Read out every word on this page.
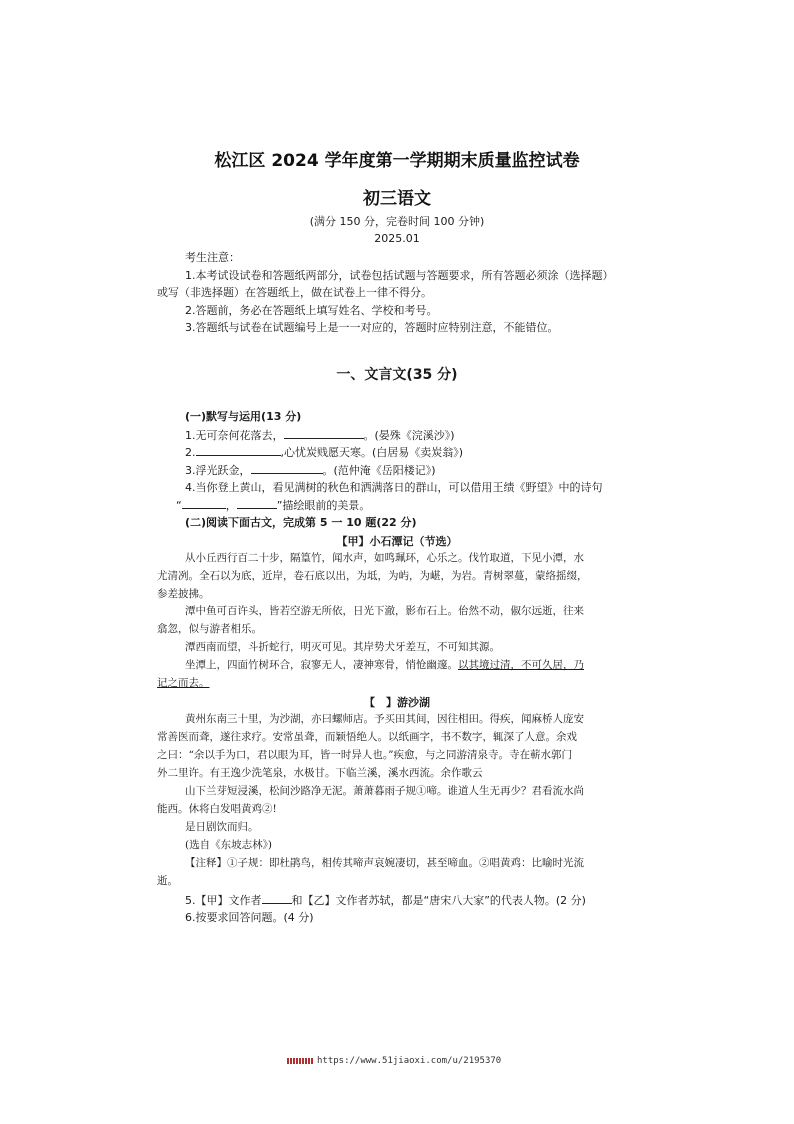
松江区 2024 学年度第一学期期末质量监控试卷
初三语文
(满分 150 分，完卷时间 100 分钟)
2025.01
考生注意：
1.本考试设试卷和答题纸两部分，试卷包括试题与答题要求，所有答题必须涂（选择题）
或写（非选择题）在答题纸上，做在试卷上一律不得分。
2.答题前，务必在答题纸上填写姓名、学校和考号。
3.答题纸与试卷在试题编号上是一一对应的，答题时应特别注意，不能错位。
一、文言文(35 分)
(一)默写与运用(13 分)
1.无可奈何花落去，	。(晏殊《浣溪沙》)
2.	,心忧炭贱愿天寒。(白居易《卖炭翁》)
3.浮光跃金，	。(范仲淹《岳阳楼记》)
4.当你登上黄山，看见满树的秋色和洒满落日的群山，可以借用王绩《野望》中的诗句
“	，	”描绘眼前的美景。
(二)阅读下面古文，完成第 5 一 10 题(22 分)
【甲】小石潭记（节选）
从小丘西行百二十步，隔篁竹，闻水声，如鸣珮环，心乐之。伐竹取道，下见小潭，水
尤清冽。全石以为底，近岸，卷石底以出，为坻，为屿，为嵁，为岩。青树翠蔓，蒙络摇缀，
参差披拂。
潭中鱼可百许头，皆若空游无所依，日光下澈，影布石上。佁然不动，俶尔远逝，往来
翕忽，似与游者相乐。
潭西南而望，斗折蛇行，明灭可见。其岸势犬牙差互，不可知其源。
坐潭上，四面竹树环合，寂寥无人，凄神寒骨，悄怆幽邃。以其境过清，不可久居，乃
记之而去。
【　】游沙湖
黄州东南三十里，为沙湖，亦曰螺师店。予买田其间，因往相田。得疾，闻麻桥人庞安
常善医而聋，遂往求疗。安常虽聋，而颖悟绝人。以纸画字，书不数字，辄深了人意。余戏
之曰：“余以手为口，君以眼为耳，皆一时异人也。”疾愈，与之同游清泉寺。寺在蕲水郭门
外二里许。有王逸少洗笔泉，水极甘。下临兰溪，溪水西流。余作歌云
山下兰芽短浸溪，松间沙路净无泥。萧萧暮雨子规①啼。谁道人生无再少？君看流水尚
能西。休将白发唱黄鸡②!
是日剧饮而归。
(选自《东坡志林》)
【注释】①子规：即杜鹃鸟，相传其啼声哀婉凄切，甚至啼血。②唱黄鸡：比喻时光流
逝。
5.【甲】文作者	和【乙】文作者苏轼，都是“唐宋八大家”的代表人物。(2 分)
6.按要求回答问题。(4 分)
https://www.51jiaoxi.com/u/2195370
